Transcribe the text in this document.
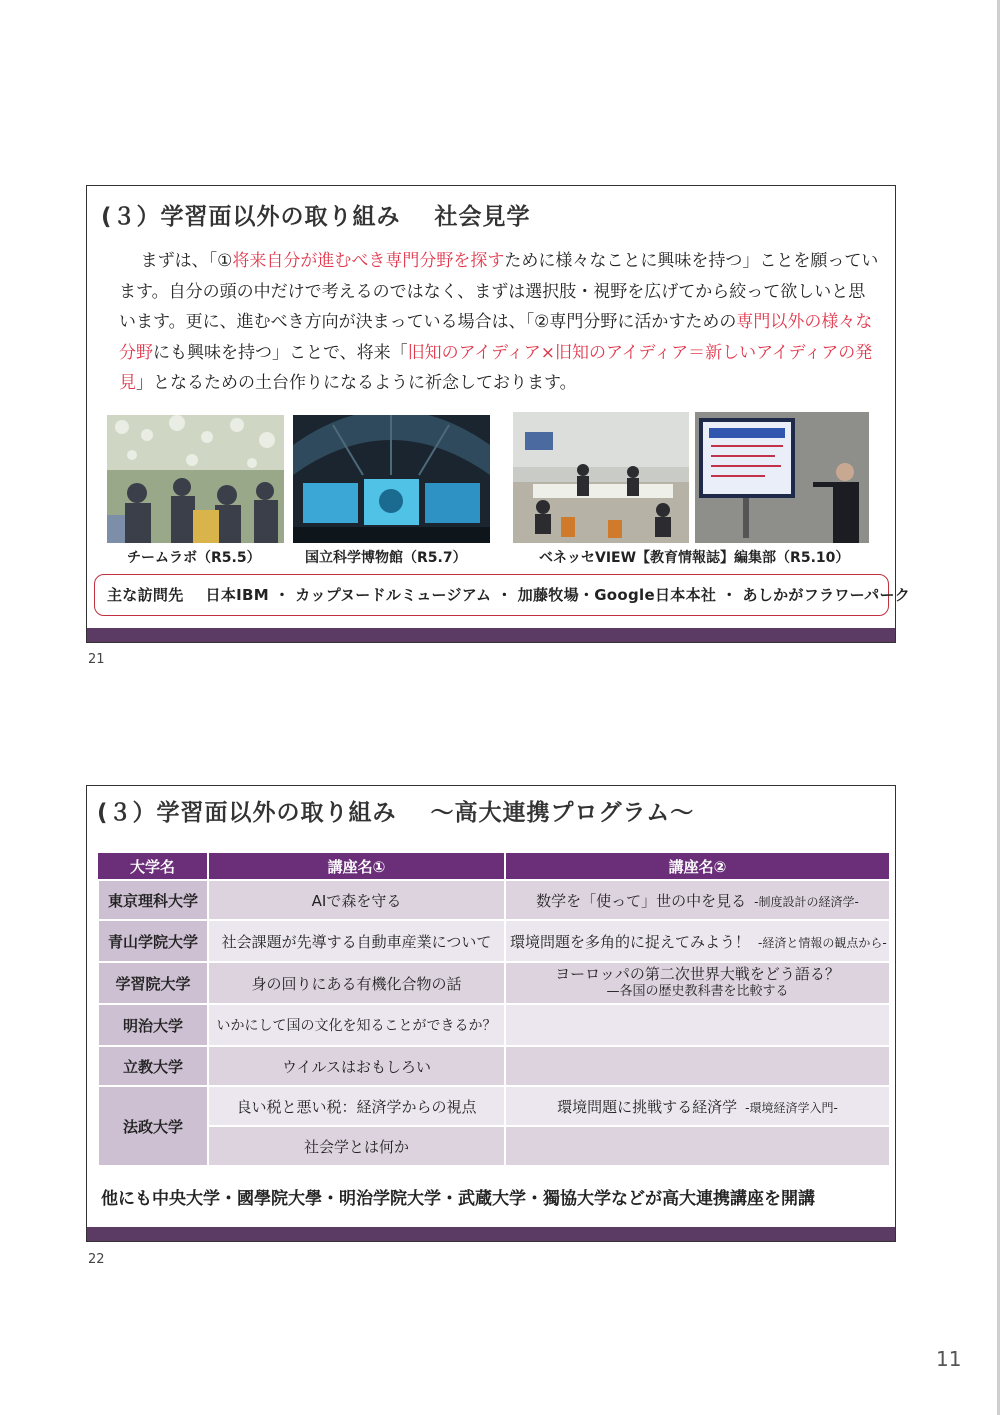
(３）学習面以外の取り組み 社会見学
まずは、「①将来自分が進むべき専門分野を探すために様々なことに興味を持つ」ことを願っています。自分の頭の中だけで考えるのではなく、まずは選択肢・視野を広げてから絞って欲しいと思います。更に、進むべき方向が決まっている場合は、「②専門分野に活かすための専門以外の様々な分野にも興味を持つ」ことで、将来「旧知のアイディア×旧知のアイディア＝新しいアイディアの発見」となるための土台作りになるように祈念しております。
チームラボ（R5.5）	国立科学博物館（R5.7）	ベネッセVIEW【教育情報誌】編集部（R5.10）
主な訪問先 日本IBM ・ カップヌードルミュージアム ・ 加藤牧場・Google日本本社 ・ あしかがフラワーパーク
21
(３）学習面以外の取り組み ～高大連携プログラム～
大学名	講座名①	講座名②
東京理科大学	AIで森を守る	数学を「使って」世の中を見る -制度設計の経済学-
青山学院大学	社会課題が先導する自動車産業について	環境問題を多角的に捉えてみよう！ -経済と情報の観点から-
学習院大学	身の回りにある有機化合物の話	ヨーロッパの第二次世界大戦をどう語る？
—各国の歴史教科書を比較する

明治大学	いかにして国の文化を知ることができるか？	
立教大学	ウイルスはおもしろい	
法政大学	良い税と悪い税：経済学からの視点	環境問題に挑戦する経済学 -環境経済学入門-
	社会学とは何か	
他にも中央大学・國學院大學・明治学院大学・武蔵大学・獨協大学などが高大連携講座を開講
22
11
